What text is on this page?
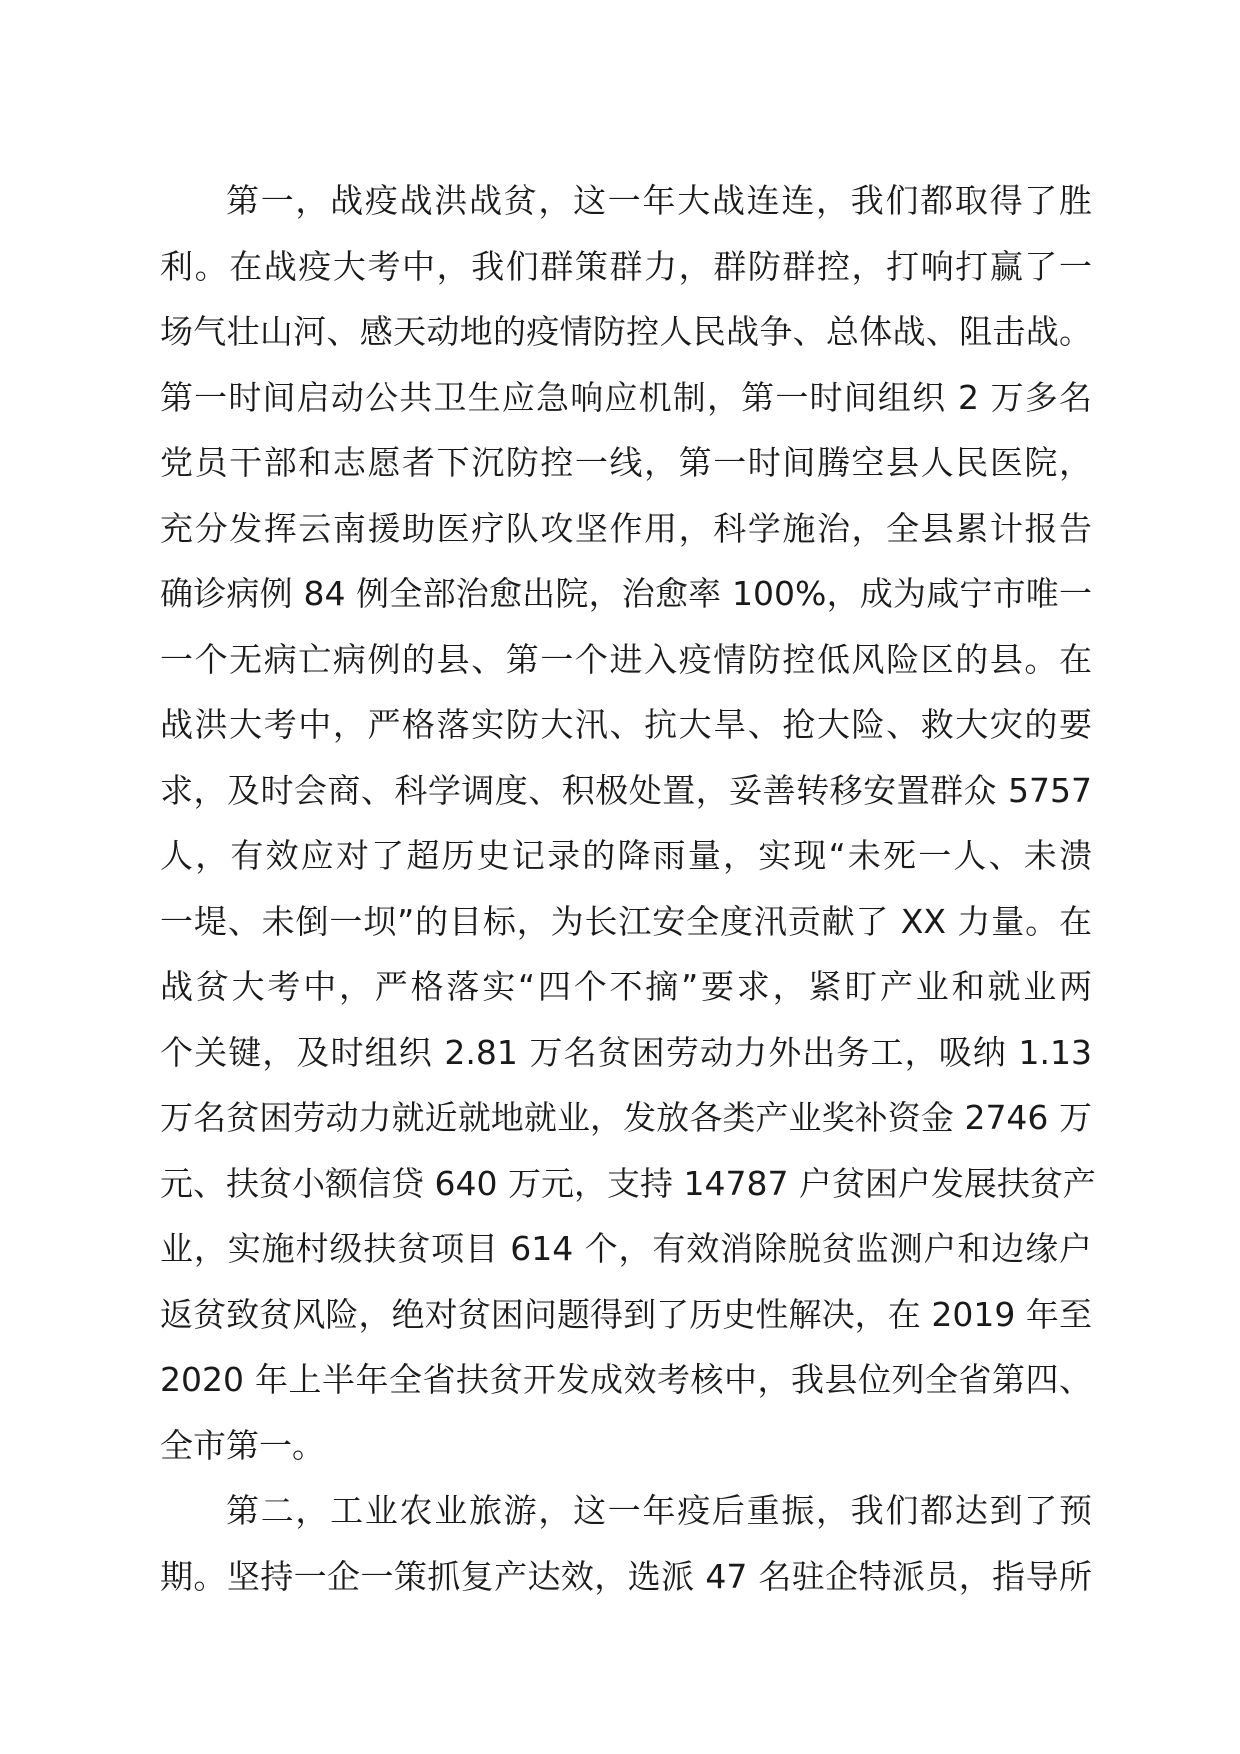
第一，战疫战洪战贫，这一年大战连连，我们都取得了胜
利。在战疫大考中，我们群策群力，群防群控，打响打赢了一
场气壮山河、感天动地的疫情防控人民战争、总体战、阻击战。
第一时间启动公共卫生应急响应机制，第一时间组织 2 万多名
党员干部和志愿者下沉防控一线，第一时间腾空县人民医院，
充分发挥云南援助医疗队攻坚作用，科学施治，全县累计报告
确诊病例 84 例全部治愈出院，治愈率 100%，成为咸宁市唯一
一个无病亡病例的县、第一个进入疫情防控低风险区的县。在
战洪大考中，严格落实防大汛、抗大旱、抢大险、救大灾的要
求，及时会商、科学调度、积极处置，妥善转移安置群众 5757
人，有效应对了超历史记录的降雨量，实现“未死一人、未溃
一堤、未倒一坝”的目标，为长江安全度汛贡献了 XX 力量。在
战贫大考中，严格落实“四个不摘”要求，紧盯产业和就业两
个关键，及时组织 2.81 万名贫困劳动力外出务工，吸纳 1.13
万名贫困劳动力就近就地就业，发放各类产业奖补资金 2746 万
元、扶贫小额信贷 640 万元，支持 14787 户贫困户发展扶贫产
业，实施村级扶贫项目 614 个，有效消除脱贫监测户和边缘户
返贫致贫风险，绝对贫困问题得到了历史性解决，在 2019 年至
2020 年上半年全省扶贫开发成效考核中，我县位列全省第四、
全市第一。
第二，工业农业旅游，这一年疫后重振，我们都达到了预
期。坚持一企一策抓复产达效，选派 47 名驻企特派员，指导所
